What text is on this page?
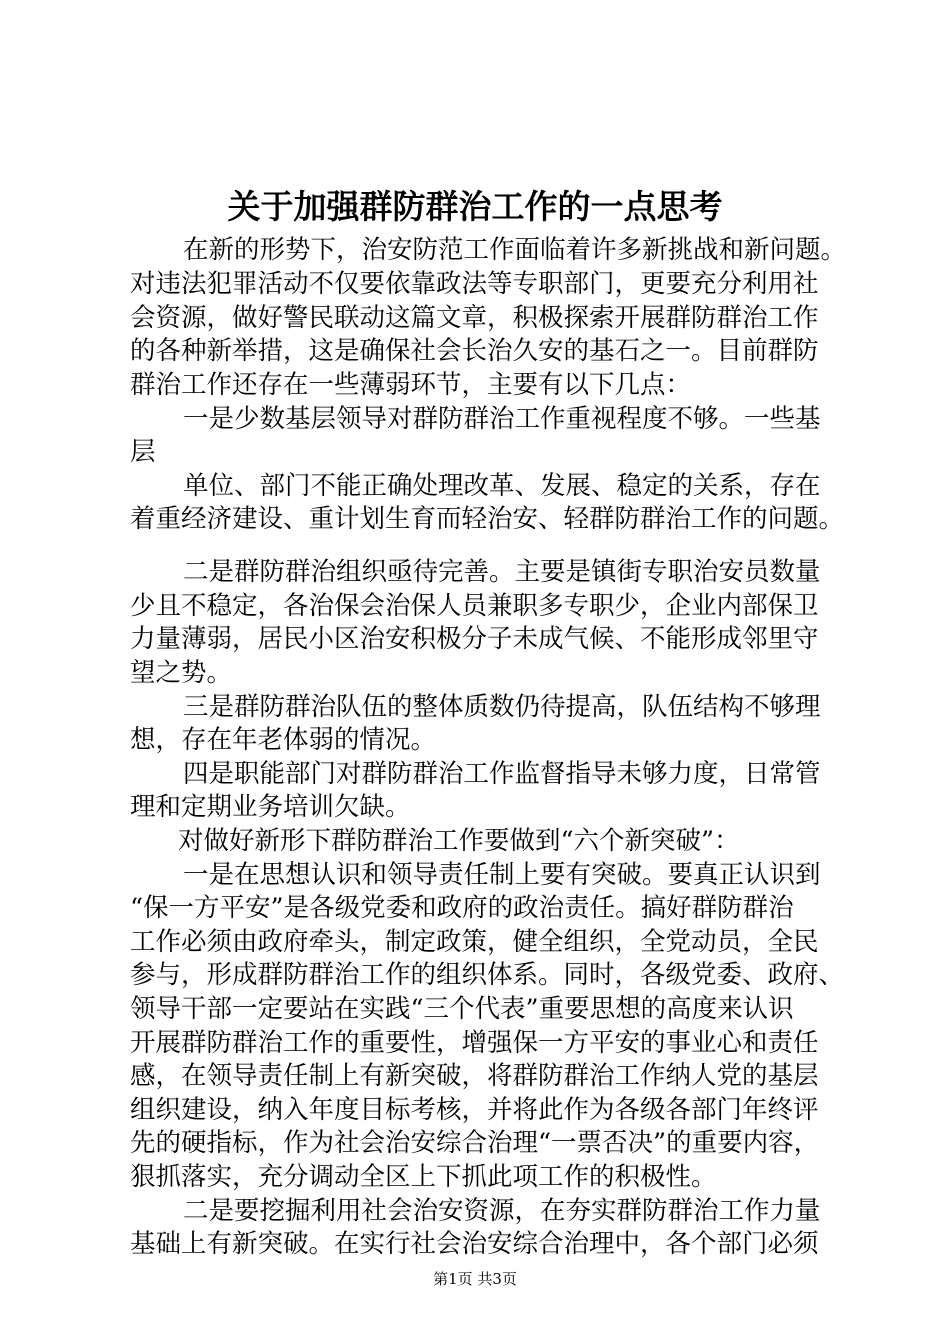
关于加强群防群治工作的一点思考
在新的形势下，治安防范工作面临着许多新挑战和新问题。
对违法犯罪活动不仅要依靠政法等专职部门，更要充分利用社
会资源，做好警民联动这篇文章，积极探索开展群防群治工作
的各种新举措，这是确保社会长治久安的基石之一。目前群防
群治工作还存在一些薄弱环节，主要有以下几点：
一是少数基层领导对群防群治工作重视程度不够。一些基
层
单位、部门不能正确处理改革、发展、稳定的关系，存在
着重经济建设、重计划生育而轻治安、轻群防群治工作的问题。
二是群防群治组织亟待完善。主要是镇街专职治安员数量
少且不稳定，各治保会治保人员兼职多专职少，企业内部保卫
力量薄弱，居民小区治安积极分子未成气候、不能形成邻里守
望之势。
三是群防群治队伍的整体质数仍待提高，队伍结构不够理
想，存在年老体弱的情况。
四是职能部门对群防群治工作监督指导未够力度，日常管
理和定期业务培训欠缺。
对做好新形下群防群治工作要做到“六个新突破”：
一是在思想认识和领导责任制上要有突破。要真正认识到
“保一方平安”是各级党委和政府的政治责任。搞好群防群治
工作必须由政府牵头，制定政策，健全组织，全党动员，全民
参与，形成群防群治工作的组织体系。同时，各级党委、政府、
领导干部一定要站在实践“三个代表”重要思想的高度来认识
开展群防群治工作的重要性，增强保一方平安的事业心和责任
感，在领导责任制上有新突破，将群防群治工作纳人党的基层
组织建设，纳入年度目标考核，并将此作为各级各部门年终评
先的硬指标，作为社会治安综合治理“一票否决”的重要内容，
狠抓落实，充分调动全区上下抓此项工作的积极性。
二是要挖掘利用社会治安资源，在夯实群防群治工作力量
基础上有新突破。在实行社会治安综合治理中，各个部门必须
第1页 共3页
